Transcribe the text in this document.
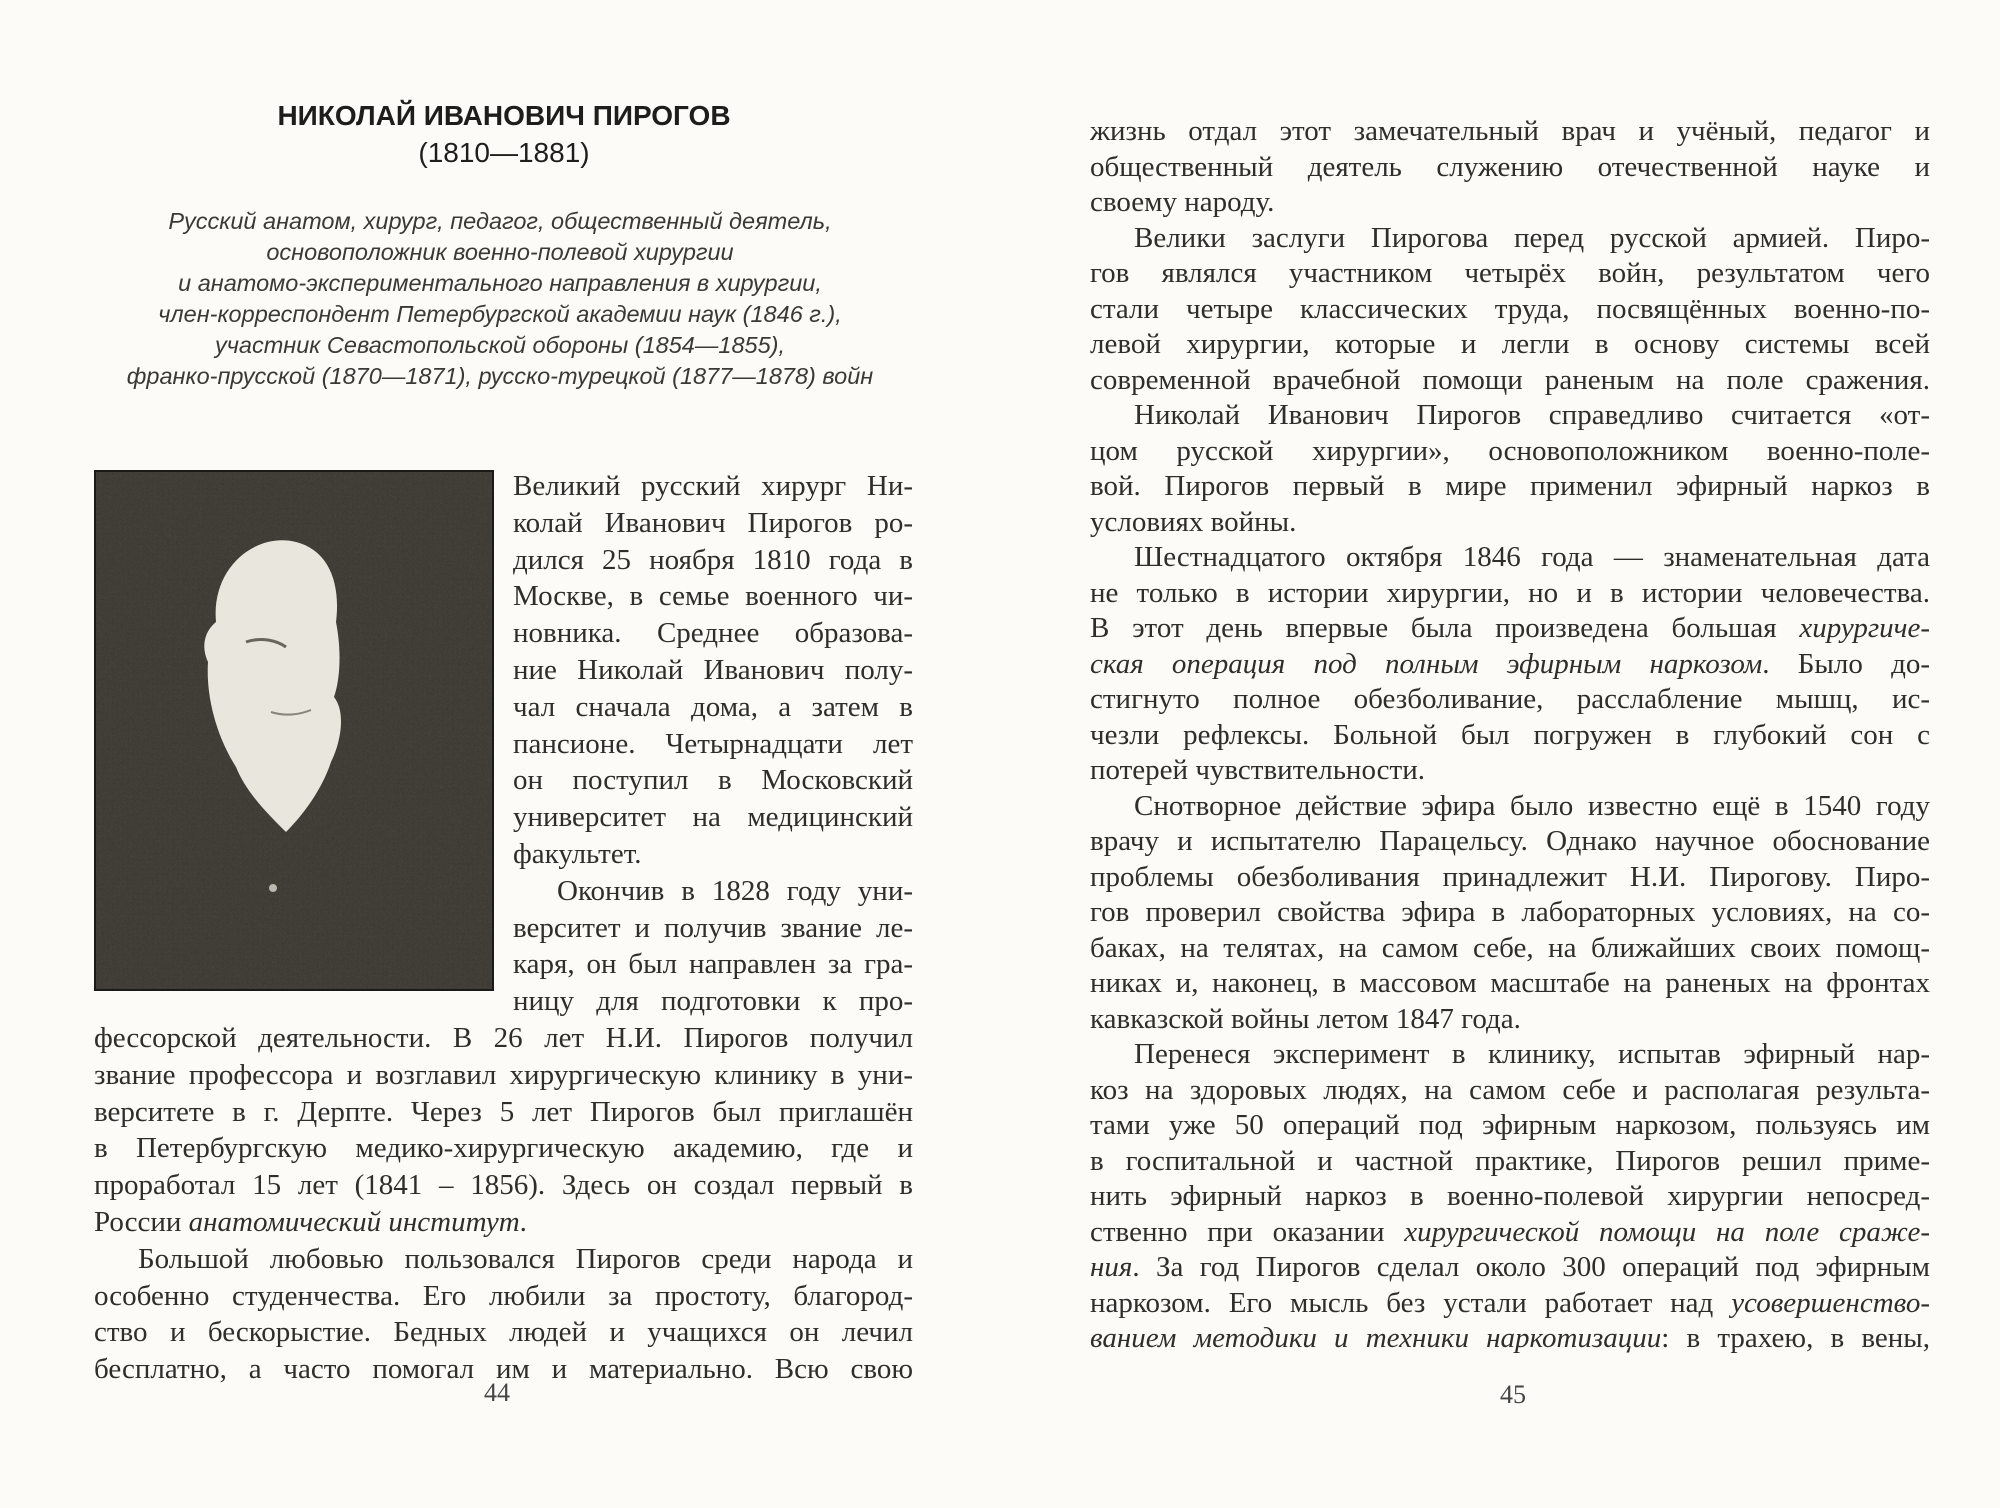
НИКОЛАЙ ИВАНОВИЧ ПИРОГОВ
(1810—1881)
Русский анатом, хирург, педагог, общественный деятель,
основоположник военно-полевой хирургии
и анатомо-экспериментального направления в хирургии,
член-корреспондент Петербургской академии наук (1846 г.),
участник Севастопольской обороны (1854—1855),
франко-прусской (1870—1871), русско-турецкой (1877—1878) войн
Великий русский хирург Ни-
колай Иванович Пирогов ро-
дился 25 ноября 1810 года в
Москве, в семье военного чи-
новника. Среднее образова-
ние Николай Иванович полу-
чал сначала дома, а затем в
пансионе. Четырнадцати лет
он поступил в Московский
университет на медицинский
факультет.
Окончив в 1828 году уни-
верситет и получив звание ле-
каря, он был направлен за гра-
ницу для подготовки к про-
фессорской деятельности. В 26 лет Н.И. Пирогов получил
звание профессора и возглавил хирургическую клинику в уни-
верситете в г. Дерпте. Через 5 лет Пирогов был приглашён
в Петербургскую медико-хирургическую академию, где и
проработал 15 лет (1841 – 1856). Здесь он создал первый в
России анатомический институт.
Большой любовью пользовался Пирогов среди народа и
особенно студенчества. Его любили за простоту, благород-
ство и бескорыстие. Бедных людей и учащихся он лечил
бесплатно, а часто помогал им и материально. Всю свою
44
жизнь отдал этот замечательный врач и учёный, педагог и
общественный деятель служению отечественной науке и
своему народу.
Велики заслуги Пирогова перед русской армией. Пиро-
гов являлся участником четырёх войн, результатом чего
стали четыре классических труда, посвящённых военно-по-
левой хирургии, которые и легли в основу системы всей
современной врачебной помощи раненым на поле сражения.
Николай Иванович Пирогов справедливо считается «от-
цом русской хирургии», основоположником военно-поле-
вой. Пирогов первый в мире применил эфирный наркоз в
условиях войны.
Шестнадцатого октября 1846 года — знаменательная дата
не только в истории хирургии, но и в истории человечества.
В этот день впервые была произведена большая хирургиче-
ская операция под полным эфирным наркозом. Было до-
стигнуто полное обезболивание, расслабление мышц, ис-
чезли рефлексы. Больной был погружен в глубокий сон с
потерей чувствительности.
Снотворное действие эфира было известно ещё в 1540 году
врачу и испытателю Парацельсу. Однако научное обоснование
проблемы обезболивания принадлежит Н.И. Пирогову. Пиро-
гов проверил свойства эфира в лабораторных условиях, на со-
баках, на телятах, на самом себе, на ближайших своих помощ-
никах и, наконец, в массовом масштабе на раненых на фронтах
кавказской войны летом 1847 года.
Перенеся эксперимент в клинику, испытав эфирный нар-
коз на здоровых людях, на самом себе и располагая результа-
тами уже 50 операций под эфирным наркозом, пользуясь им
в госпитальной и частной практике, Пирогов решил приме-
нить эфирный наркоз в военно-полевой хирургии непосред-
ственно при оказании хирургической помощи на поле сраже-
ния. За год Пирогов сделал около 300 операций под эфирным
наркозом. Его мысль без устали работает над усовершенство-
ванием методики и техники наркотизации: в трахею, в вены,
45
